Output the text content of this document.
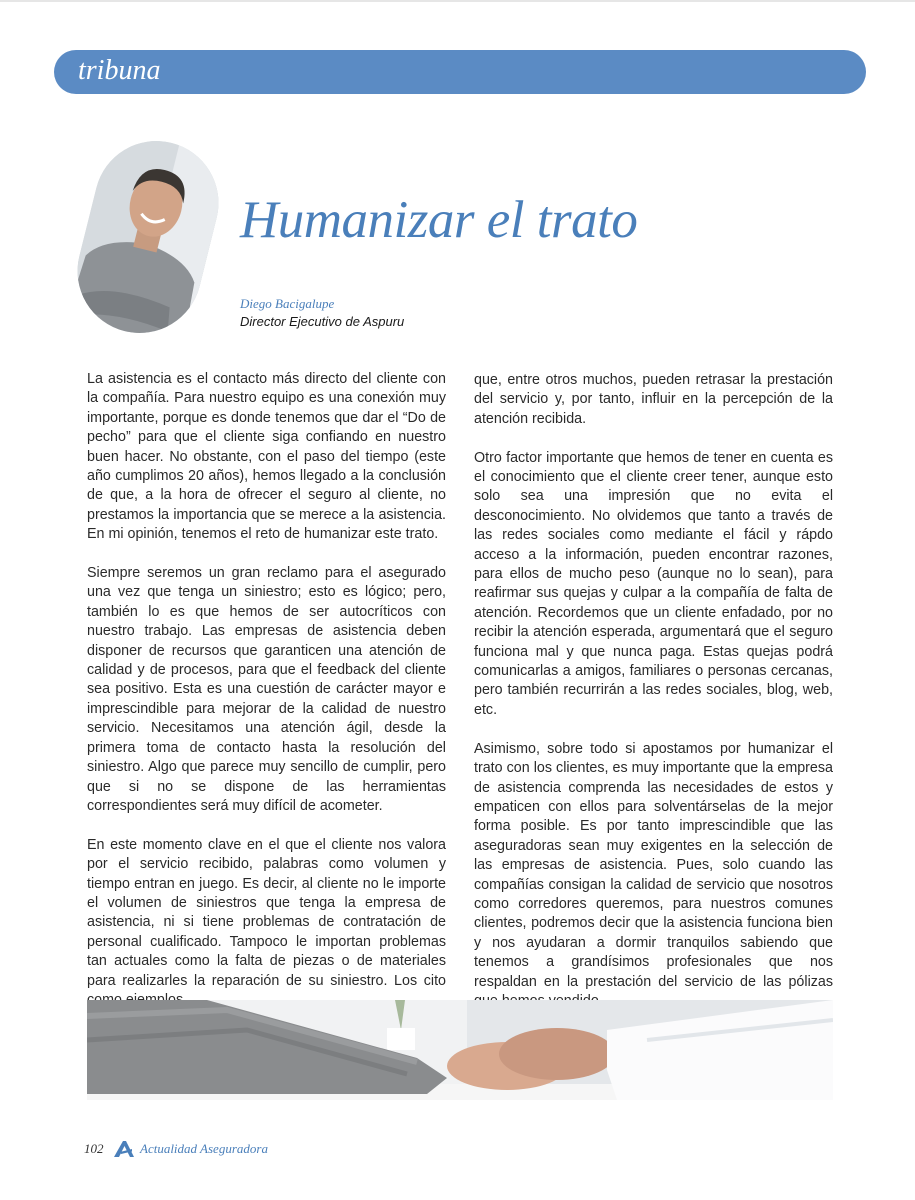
tribuna
Humanizar el trato
Diego Bacigalupe
Director Ejecutivo de Aspuru

La asistencia es el contacto más directo del cliente con la compañía. Para nuestro equipo es una conexión muy importante, porque es donde tenemos que dar el “Do de pecho” para que el cliente siga confiando en nuestro buen hacer. No obstante, con el paso del tiempo (este año cumplimos 20 años), hemos llegado a la conclusión de que, a la hora de ofrecer el seguro al cliente, no prestamos la importancia que se merece a la asistencia. En mi opinión, tenemos el reto de humanizar este trato.

Siempre seremos un gran reclamo para el asegurado una vez que tenga un siniestro; esto es lógico; pero, también lo es que hemos de ser autocríticos con nuestro trabajo. Las empresas de asistencia deben disponer de recursos que garanticen una atención de calidad y de procesos, para que el feedback del cliente sea positivo. Esta es una cuestión de carácter mayor e imprescindible para mejorar de la calidad de nuestro servicio. Necesitamos una atención ágil, desde la primera toma de contacto hasta la resolución del siniestro. Algo que parece muy sencillo de cumplir, pero que si no se dispone de las herramientas correspondientes será muy difícil de acometer.

En este momento clave en el que el cliente nos valora por el servicio recibido, palabras como volumen y tiempo entran en juego. Es decir, al cliente no le importe el volumen de siniestros que tenga la empresa de asistencia, ni si tiene problemas de contratación de personal cualificado. Tampoco le importan problemas tan actuales como la falta de piezas o de materiales para realizarles la reparación de su siniestro. Los cito

que, entre otros muchos, pueden retrasar la prestación del servicio y, por tanto, influir en la percepción de la atención recibida.

Otro factor importante que hemos de tener en cuenta es el conocimiento que el cliente creer tener, aunque esto solo sea una impresión que no evita el desconocimiento. No olvidemos que tanto a través de las redes sociales como mediante el fácil y rápdo acceso a la información, pueden encontrar razones, para ellos de mucho peso (aunque no lo sean), para reafirmar sus quejas y culpar a la compañía de falta de atención. Recordemos que un cliente enfadado, por no recibir la atención esperada, argumentará que el seguro funciona mal y que nunca paga. Estas quejas podrá comunicarlas a amigos, familiares o personas cercanas, pero también recurrirán a las redes sociales, blog, web, etc.

Asimismo, sobre todo si apostamos por humanizar el trato con los clientes, es muy importante que la empresa de asistencia comprenda las necesidades de estos y empaticen con ellos para solventárselas de la mejor forma posible. Es por tanto imprescindible que las aseguradoras sean muy exigentes en la selección de las empresas de asistencia. Pues, solo cuando las compañías consigan la calidad de servicio que nosotros como corredores queremos, para nuestros comunes clientes, podremos decir que la asistencia funciona bien y nos ayudaran a dormir tranquilos sabiendo que tenemos a grandísimos profesionales que nos respaldan en la prestación del servicio de las pólizas

102	Actualidad Aseguradora
